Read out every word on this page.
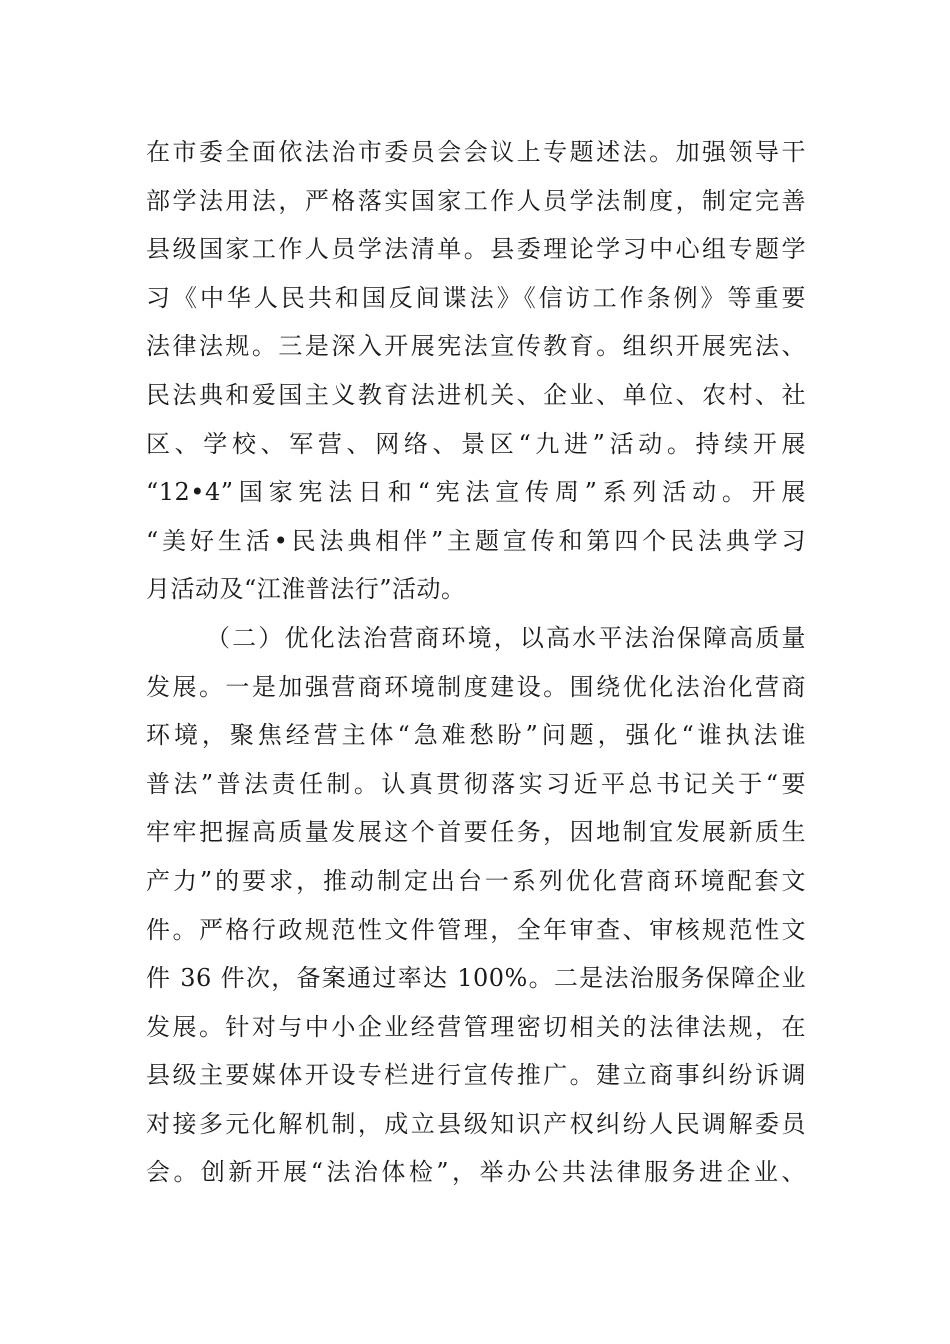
在市委全面依法治市委员会会议上专题述法。加强领导干
部学法用法，严格落实国家工作人员学法制度，制定完善
县级国家工作人员学法清单。县委理论学习中心组专题学
习《中华人民共和国反间谍法》《信访工作条例》等重要
法律法规。三是深入开展宪法宣传教育。组织开展宪法、
民法典和爱国主义教育法进机关、企业、单位、农村、社
区、学校、军营、网络、景区“九进”活动。持续开展
“12•4”国家宪法日和“宪法宣传周”系列活动。开展
“美好生活•民法典相伴”主题宣传和第四个民法典学习
月活动及“江淮普法行”活动。
（二）优化法治营商环境，以高水平法治保障高质量
发展。一是加强营商环境制度建设。围绕优化法治化营商
环境，聚焦经营主体“急难愁盼”问题，强化“谁执法谁
普法”普法责任制。认真贯彻落实习近平总书记关于“要
牢牢把握高质量发展这个首要任务，因地制宜发展新质生
产力”的要求，推动制定出台一系列优化营商环境配套文
件。严格行政规范性文件管理，全年审查、审核规范性文
件 36 件次，备案通过率达 100%。二是法治服务保障企业
发展。针对与中小企业经营管理密切相关的法律法规，在
县级主要媒体开设专栏进行宣传推广。建立商事纠纷诉调
对接多元化解机制，成立县级知识产权纠纷人民调解委员
会。创新开展“法治体检”，举办公共法律服务进企业、
